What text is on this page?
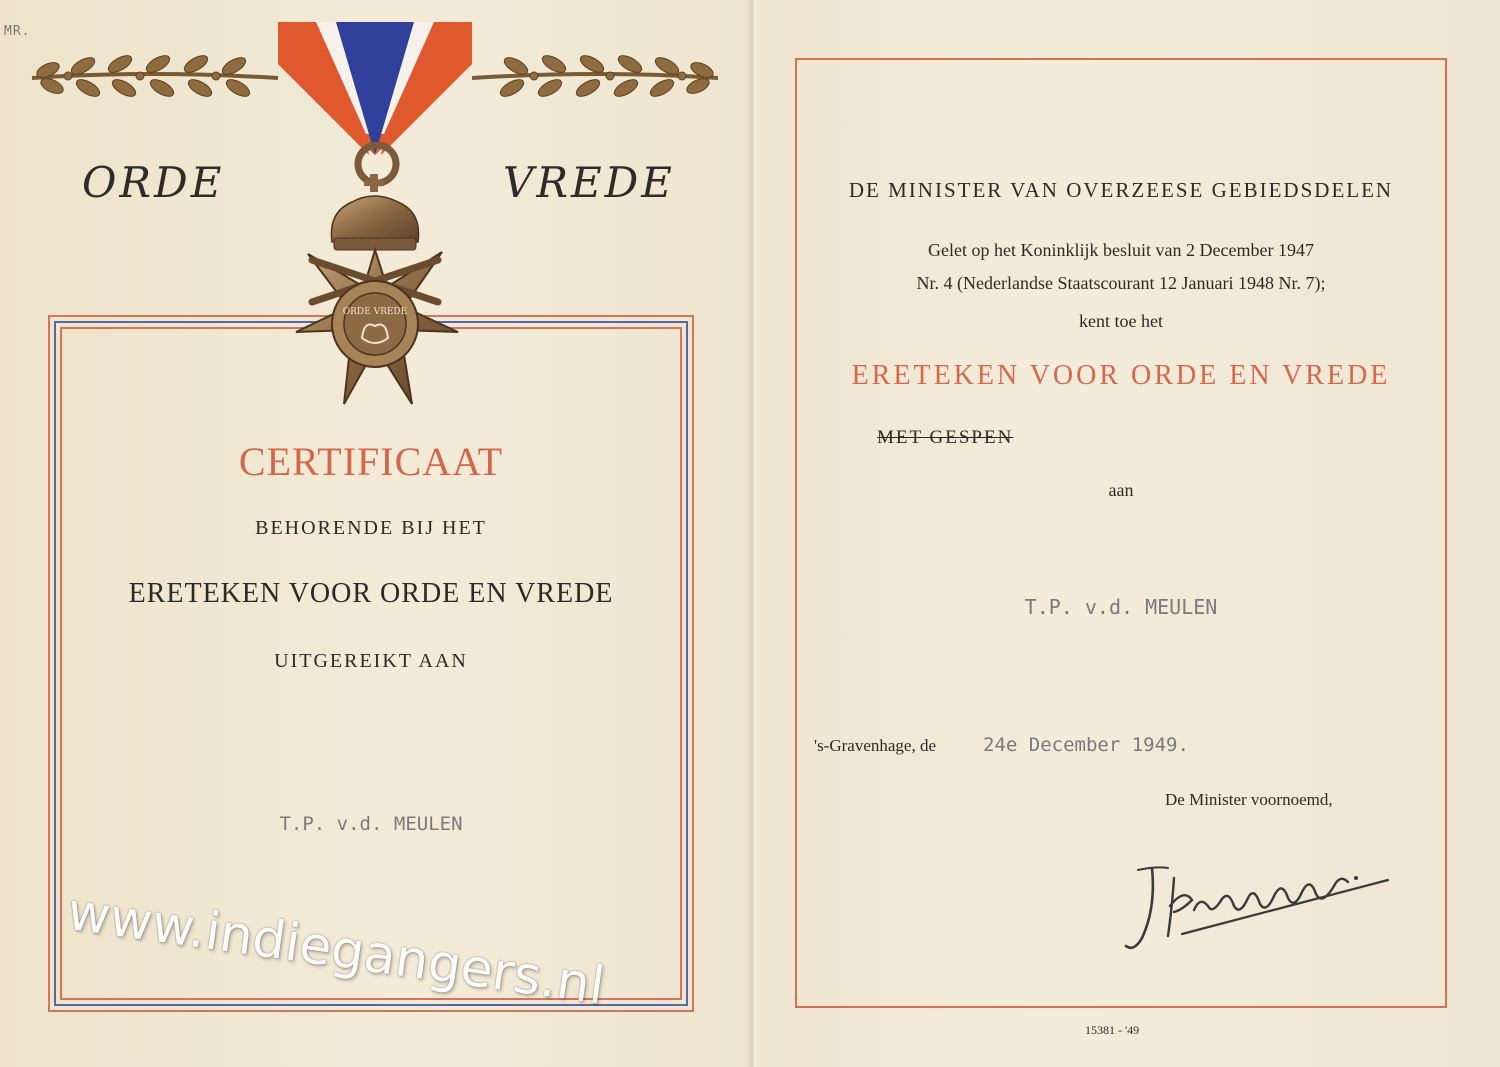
MR.
ORDE	VREDE
ORDE VREDE
CERTIFICAAT
BEHORENDE BIJ HET
ERETEKEN VOOR ORDE EN VREDE
UITGEREIKT AAN
T.P. v.d. MEULEN
www.indiegangers.nl
DE MINISTER VAN OVERZEESE GEBIEDSDELEN
Gelet op het Koninklijk besluit van 2 December 1947
Nr. 4 (Nederlandse Staatscourant 12 Januari 1948 Nr. 7);
kent toe het
ERETEKEN VOOR ORDE EN VREDE
MET GESPEN
aan
T.P. v.d. MEULEN
's-Gravenhage, de 24e December 1949.
De Minister voornoemd,
15381 - '49
